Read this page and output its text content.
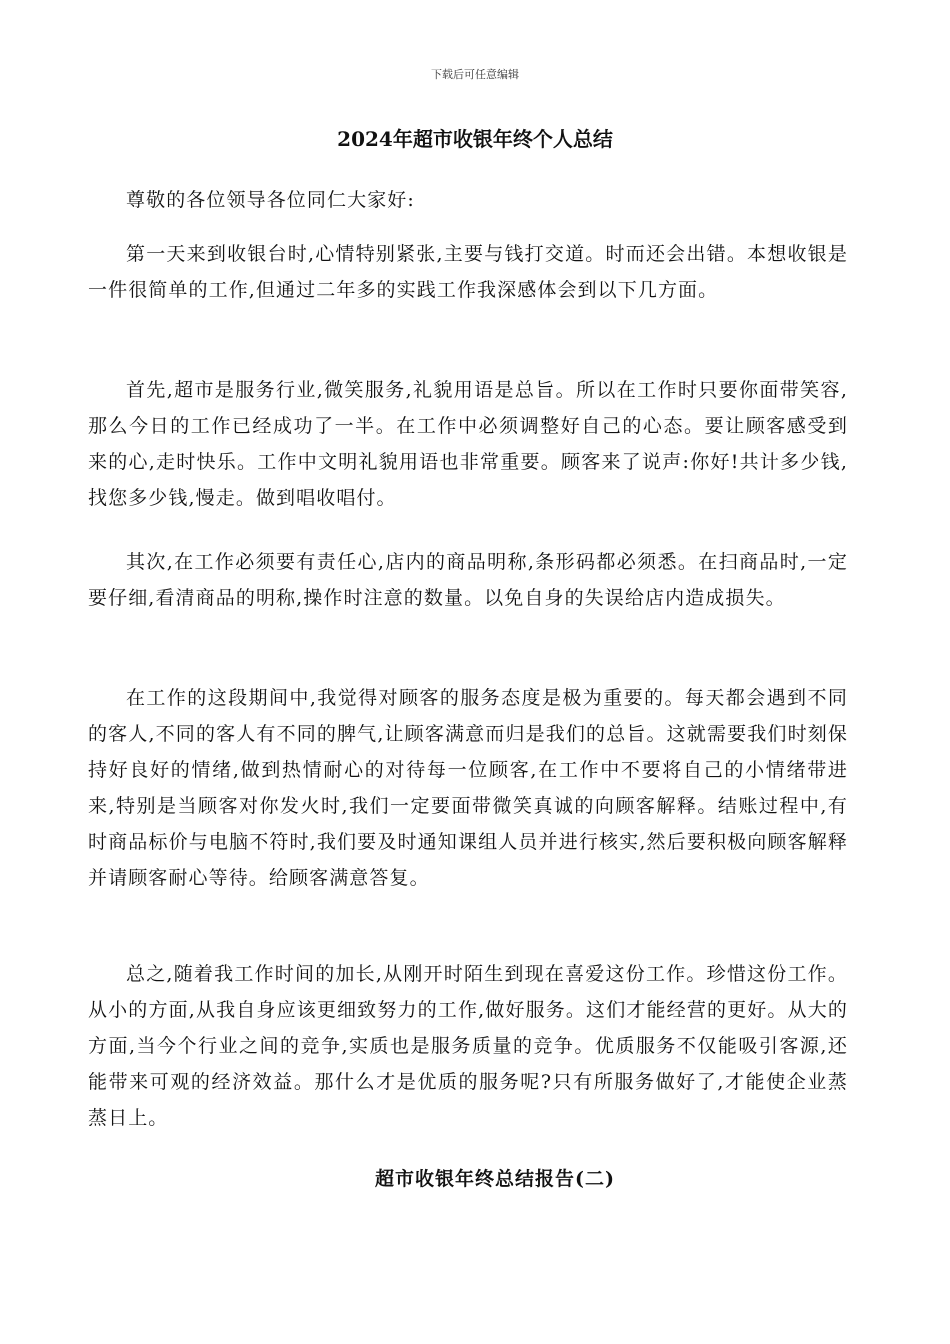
下载后可任意编辑
2024年超市收银年终个人总结

尊敬的各位领导各位同仁大家好:

第一天来到收银台时,心情特别紧张,主要与钱打交道。时而还会出错。本想收银是一件很简单的工作,但通过二年多的实践工作我深感体会到以下几方面。

首先,超市是服务行业,微笑服务,礼貌用语是总旨。所以在工作时只要你面带笑容,那么今日的工作已经成功了一半。在工作中必须调整好自己的心态。要让顾客感受到来的心,走时快乐。工作中文明礼貌用语也非常重要。顾客来了说声:你好!共计多少钱,找您多少钱,慢走。做到唱收唱付。

其次,在工作必须要有责任心,店内的商品明称,条形码都必须悉。在扫商品时,一定要仔细,看清商品的明称,操作时注意的数量。以免自身的失误给店内造成损失。

在工作的这段期间中,我觉得对顾客的服务态度是极为重要的。每天都会遇到不同的客人,不同的客人有不同的脾气,让顾客满意而归是我们的总旨。这就需要我们时刻保持好良好的情绪,做到热情耐心的对待每一位顾客,在工作中不要将自己的小情绪带进来,特别是当顾客对你发火时,我们一定要面带微笑真诚的向顾客解释。结账过程中,有时商品标价与电脑不符时,我们要及时通知课组人员并进行核实,然后要积极向顾客解释并请顾客耐心等待。给顾客满意答复。

总之,随着我工作时间的加长,从刚开时陌生到现在喜爱这份工作。珍惜这份工作。从小的方面,从我自身应该更细致努力的工作,做好服务。这们才能经营的更好。从大的方面,当今个行业之间的竞争,实质也是服务质量的竞争。优质服务不仅能吸引客源,还能带来可观的经济效益。那什么才是优质的服务呢?只有所服务做好了,才能使企业蒸蒸日上。

超市收银年终总结报告(二)
